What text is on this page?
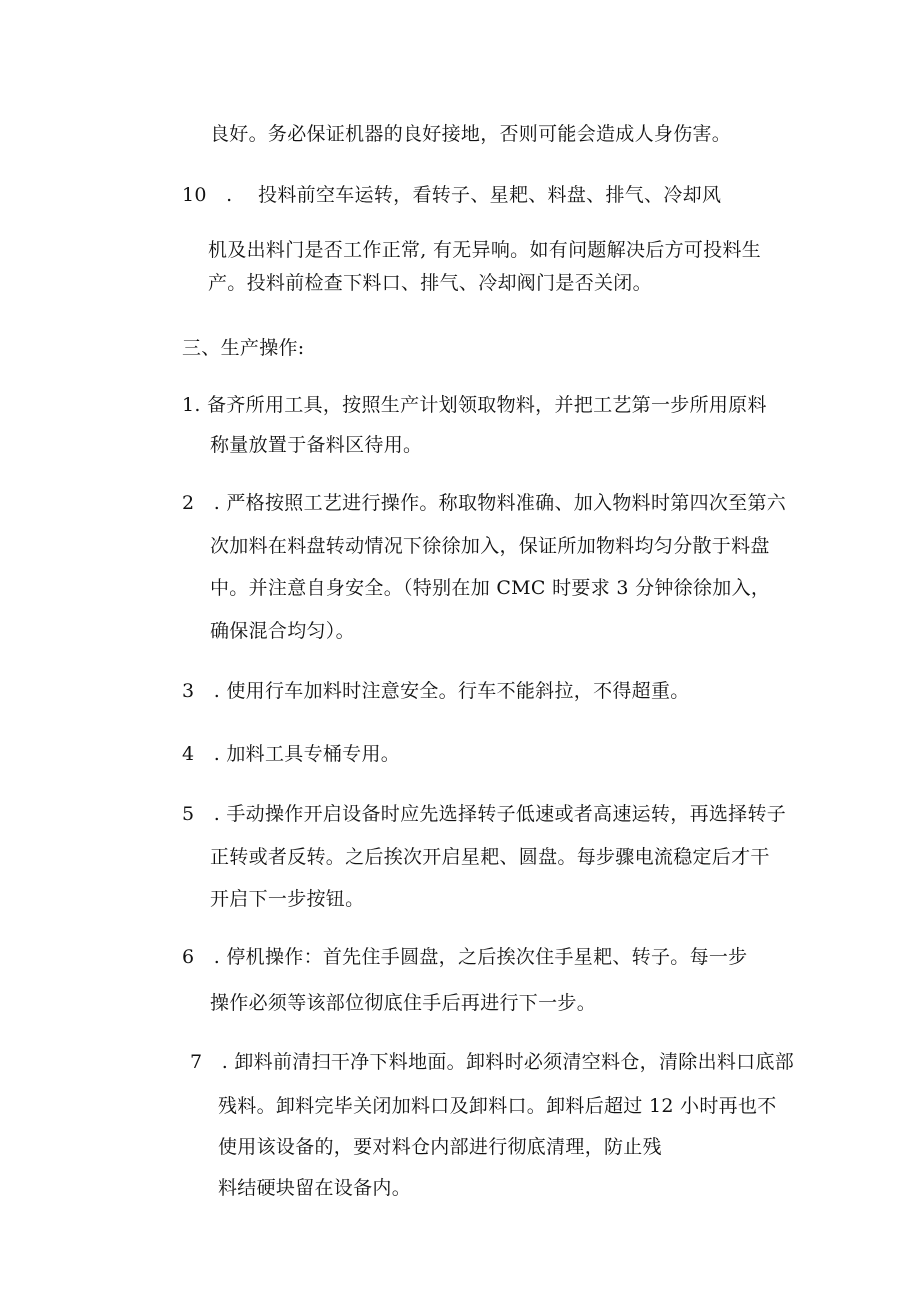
良好。务必保证机器的良好接地，否则可能会造成人身伤害。
10　.　 投料前空车运转，看转子、星耙、料盘、排气、冷却风
机及出料门是否工作正常, 有无异响。如有问题解决后方可投料生
产。投料前检查下料口、排气、冷却阀门是否关闭。
三、生产操作:
1. 备齐所用工具，按照生产计划领取物料，并把工艺第一步所用原料
称量放置于备料区待用。
2　. 严格按照工艺进行操作。称取物料准确、加入物料时第四次至第六
次加料在料盘转动情况下徐徐加入，保证所加物料均匀分散于料盘
中。并注意自身安全。（特别在加 CMC 时要求 3 分钟徐徐加入，
确保混合均匀）。
3　. 使用行车加料时注意安全。行车不能斜拉，不得超重。
4　. 加料工具专桶专用。
5　. 手动操作开启设备时应先选择转子低速或者高速运转，再选择转子
正转或者反转。之后挨次开启星耙、圆盘。每步骤电流稳定后才干
开启下一步按钮。
6　. 停机操作：首先住手圆盘，之后挨次住手星耙、转子。每一步
操作必须等该部位彻底住手后再进行下一步。
7　. 卸料前清扫干净下料地面。卸料时必须清空料仓，清除出料口底部
残料。卸料完毕关闭加料口及卸料口。卸料后超过 12 小时再也不
使用该设备的，要对料仓内部进行彻底清理，防止残
料结硬块留在设备内。
